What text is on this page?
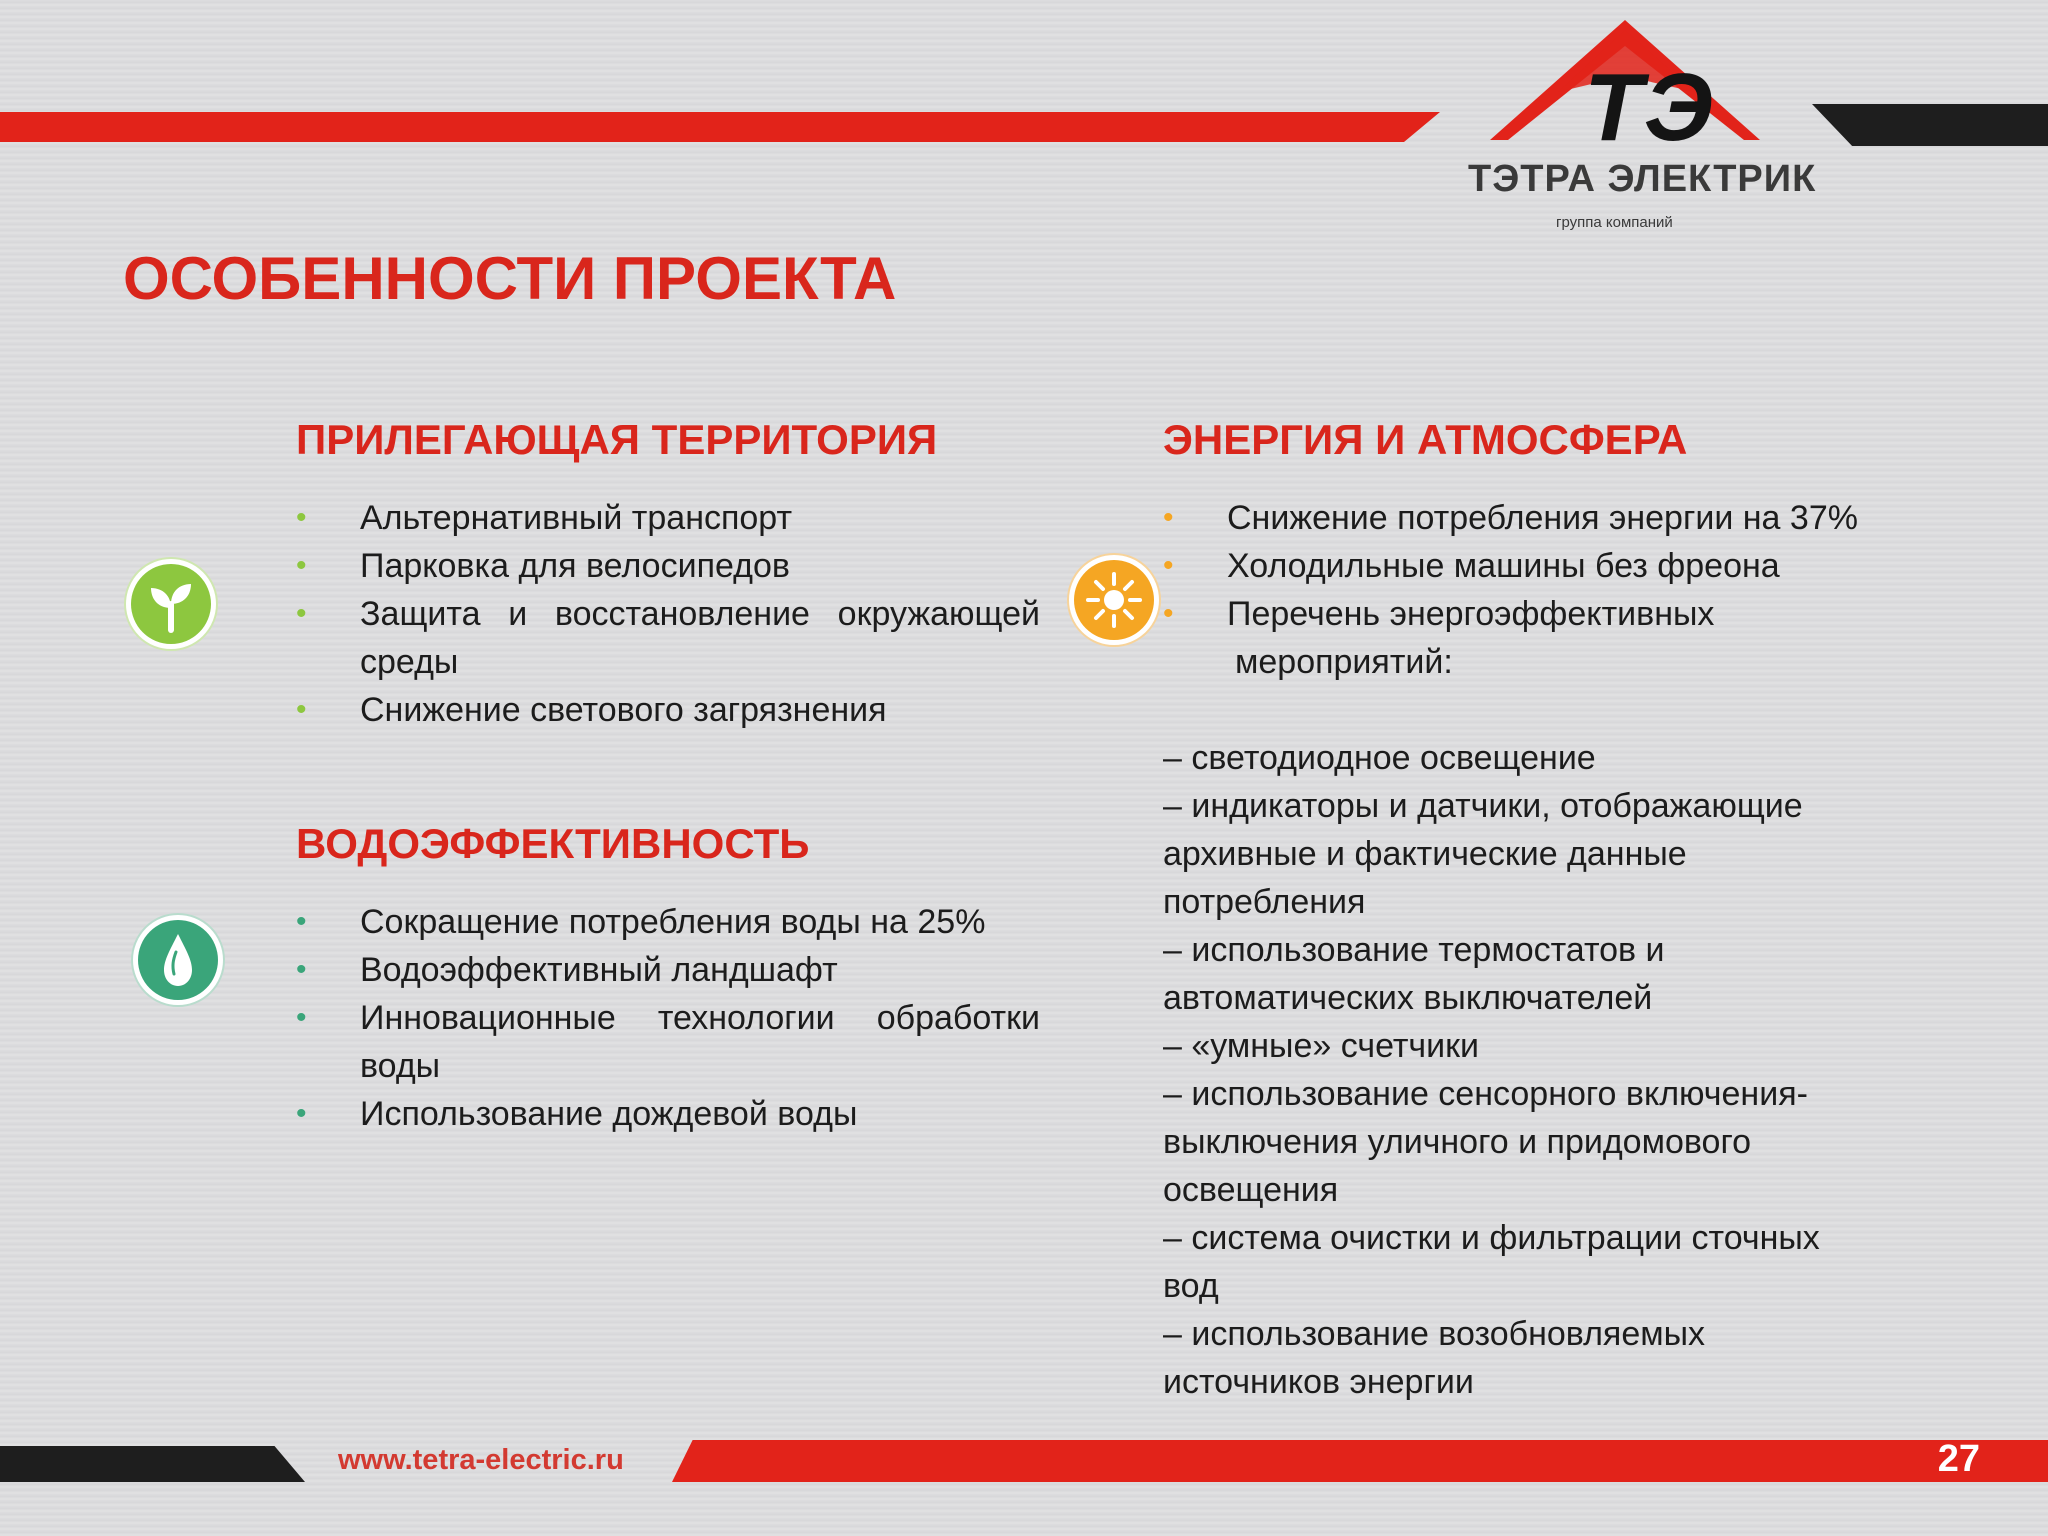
ТЭ
ТЭТРА ЭЛЕКТРИК
группа компаний
ОСОБЕННОСТИ ПРОЕКТА
ПРИЛЕГАЮЩАЯ ТЕРРИТОРИЯ
• Альтернативный транспорт
• Парковка для велосипедов
• Защита и восстановление окружающей среды
• Снижение светового загрязнения
ВОДОЭФФЕКТИВНОСТЬ
• Сокращение потребления воды на 25%
• Водоэффективный ландшафт
• Инновационные технологии обработки воды
• Использование дождевой воды
ЭНЕРГИЯ И АТМОСФЕРА
• Снижение потребления энергии на 37%
• Холодильные машины без фреона
• Перечень энергоэффективных
мероприятий:

– светодиодное освещение

– индикаторы и датчики, отображающие архивные и фактические данные потребления

– использование термостатов и автоматических выключателей

– «умные» счетчики

– использование сенсорного включения-выключения уличного и придомового освещения

– система очистки и фильтрации сточных вод

– использование возобновляемых источников энергии

www.tetra-electric.ru	27
